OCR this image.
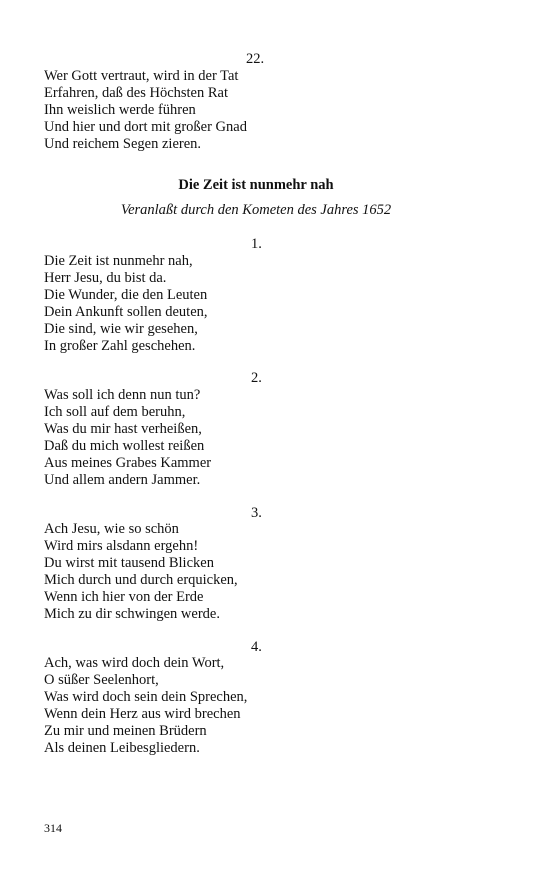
22.
Wer Gott vertraut, wird in der Tat
Erfahren, daß des Höchsten Rat
Ihn weislich werde führen
Und hier und dort mit großer Gnad
Und reichem Segen zieren.
Die Zeit ist nunmehr nah
Veranlaßt durch den Kometen des Jahres 1652
1.
Die Zeit ist nunmehr nah,
Herr Jesu, du bist da.
Die Wunder, die den Leuten
Dein Ankunft sollen deuten,
Die sind, wie wir gesehen,
In großer Zahl geschehen.
2.
Was soll ich denn nun tun?
Ich soll auf dem beruhn,
Was du mir hast verheißen,
Daß du mich wollest reißen
Aus meines Grabes Kammer
Und allem andern Jammer.
3.
Ach Jesu, wie so schön
Wird mirs alsdann ergehn!
Du wirst mit tausend Blicken
Mich durch und durch erquicken,
Wenn ich hier von der Erde
Mich zu dir schwingen werde.
4.
Ach, was wird doch dein Wort,
O süßer Seelenhort,
Was wird doch sein dein Sprechen,
Wenn dein Herz aus wird brechen
Zu mir und meinen Brüdern
Als deinen Leibesgliedern.
314
